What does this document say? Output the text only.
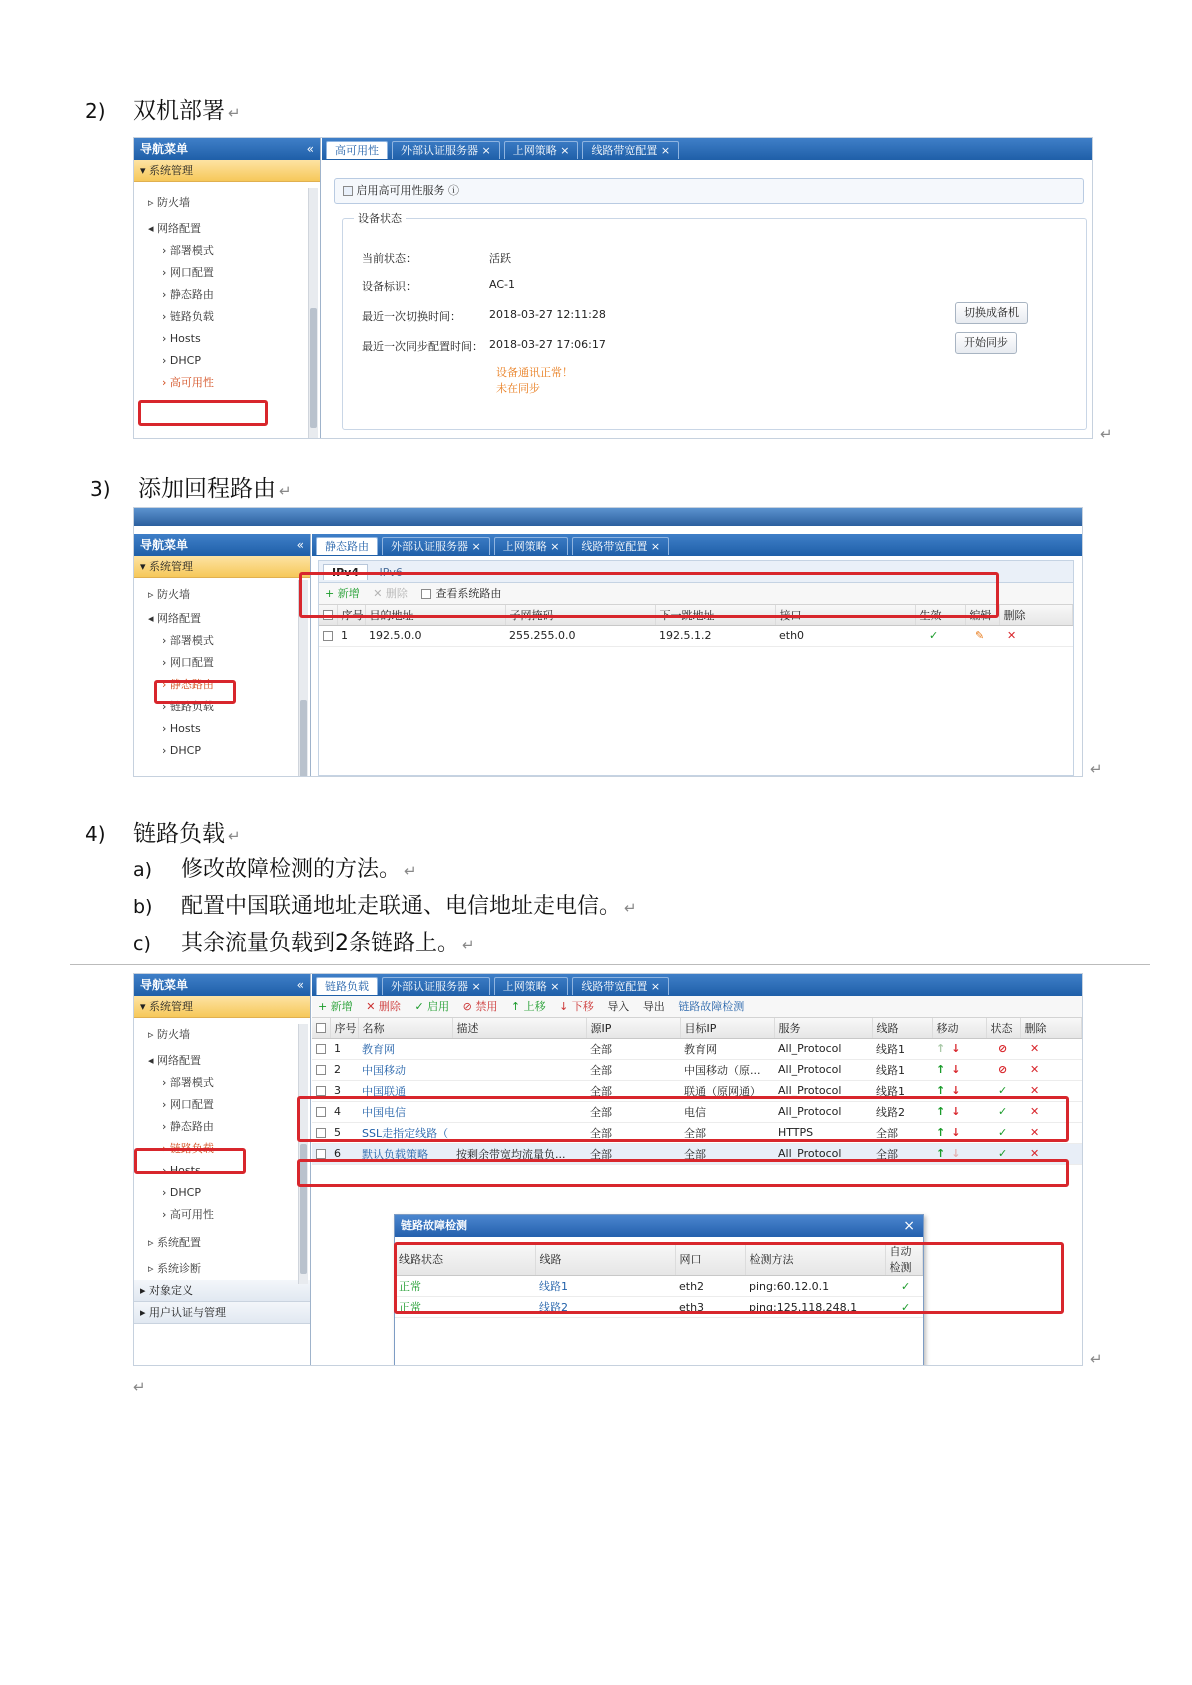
2) 双机部署 ↵
导航菜单	«
▾ 系统管理
▹ 防火墙
◂ 网络配置
› 部署模式
› 网口配置
› 静态路由
› 链路负载
› Hosts
› DHCP
› 高可用性
高可用性	外部认证服务器 ×	上网策略 ×	线路带宽配置 ×
启用高可用性服务 ⓘ
设备状态
当前状态：	活跃
设备标识：	AC-1
最近一次切换时间：	2018-03-27 12:11:28
最近一次同步配置时间： 2018-03-27 17:06:17
设备通讯正常！
未在同步
切换成备机
开始同步
↵
3) 添加回程路由 ↵
导航菜单	«
▾ 系统管理
▹ 防火墙
◂ 网络配置
› 部署模式
› 网口配置
› 静态路由
› 链路负载
› Hosts
› DHCP
静态路由	外部认证服务器 ×	上网策略 ×	线路带宽配置 ×
IPv4 IPv6
+ 新增 ✕ 删除	查看系统路由
	序号	目的地址	子网掩码	下一跳地址	接口	生效	编辑	删除
	1	192.5.0.0	255.255.0.0	192.5.1.2	eth0	✓	✎	✕
↵
4) 链路负载 ↵
a) 修改故障检测的方法。 ↵
b) 配置中国联通地址走联通、电信地址走电信。 ↵
c) 其余流量负载到2条链路上。 ↵
导航菜单	«
▾ 系统管理
▹ 防火墙
◂ 网络配置
› 部署模式
› 网口配置
› 静态路由
› 链路负载
› Hosts
› DHCP
› 高可用性
▹ 系统配置
▹ 系统诊断
▸ 对象定义
▸ 用户认证与管理
链路负载	外部认证服务器 ×	上网策略 ×	线路带宽配置 ×
+ 新增 ✕ 删除 ✓ 启用 ⊘ 禁用 ↑ 上移 ↓ 下移 导入 导出 链路故障检测
	序号	名称	描述	源IP	目标IP	服务	线路	移动	状态	删除
	1	教育网		全部	教育网	All_Protocol	线路1	↑ ↓	⊘	✕
	2	中国移动		全部	中国移动（原...	All_Protocol	线路1	↑ ↓	⊘	✕
	3	中国联通		全部	联通（原网通）	All_Protocol	线路1	↑ ↓	✓	✕
	4	中国电信		全部	电信	All_Protocol	线路2	↑ ↓	✓	✕
	5	SSL走指定线路（		全部	全部	HTTPS	全部	↑ ↓	✓	✕
	6	默认负载策略	按剩余带宽均流量负...	全部	全部	All_Protocol	全部	↑ ↓	✓	✕
链路故障检测	×
线路状态	线路	网口	检测方法	自动检测
正常	线路1	eth2	ping:60.12.0.1	✓
正常	线路2	eth3	ping:125.118.248.1	✓
↵
↵
